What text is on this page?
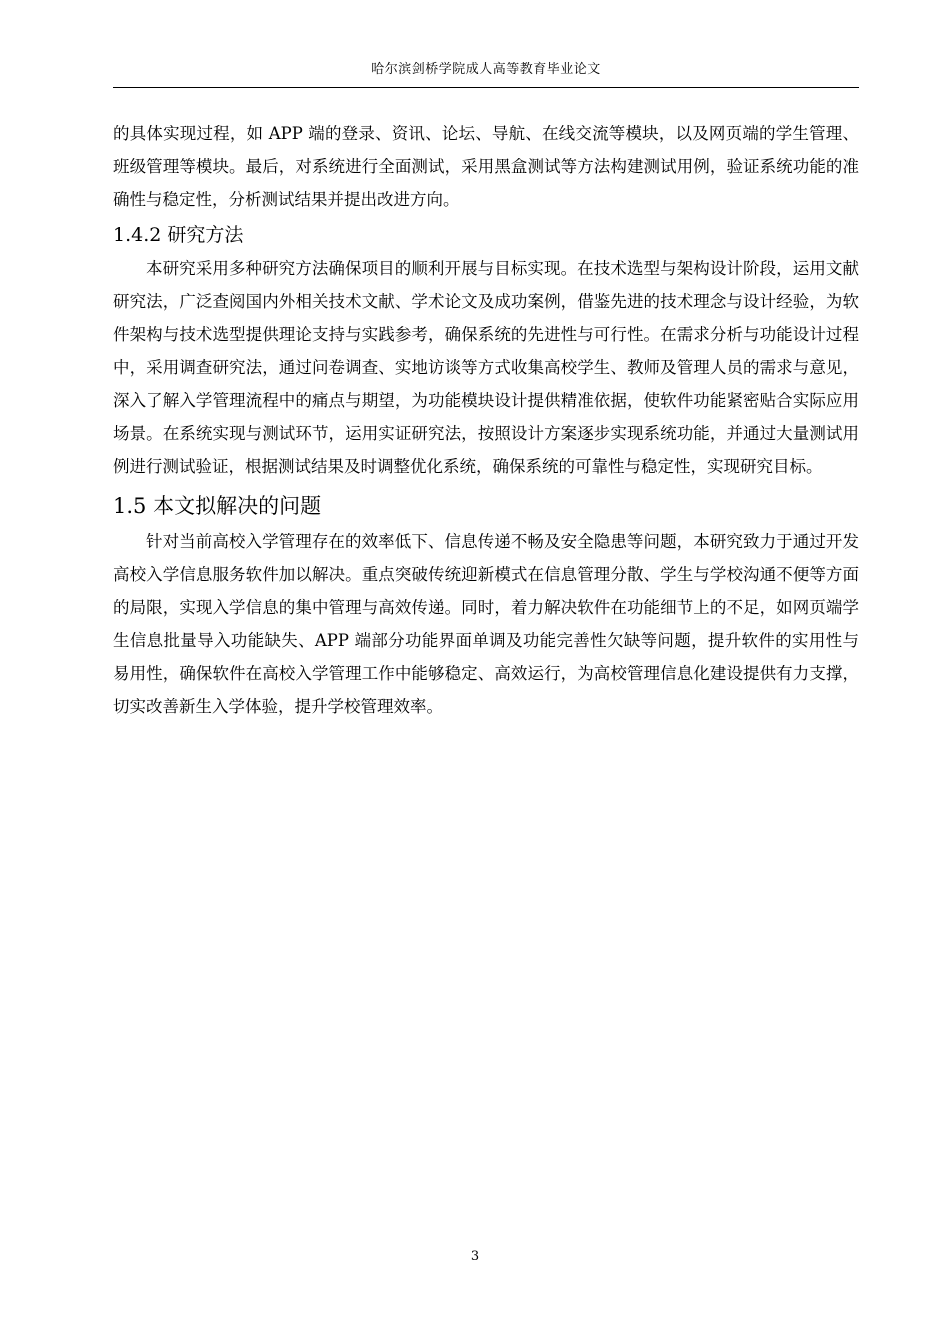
哈尔滨剑桥学院成人高等教育毕业论文

的具体实现过程，如 APP 端的登录、资讯、论坛、导航、在线交流等模块，以及网页端的学生管理、班级管理等模块。最后，对系统进行全面测试，采用黑盒测试等方法构建测试用例，验证系统功能的准确性与稳定性，分析测试结果并提出改进方向。

1.4.2 研究方法

本研究采用多种研究方法确保项目的顺利开展与目标实现。在技术选型与架构设计阶段，运用文献研究法，广泛查阅国内外相关技术文献、学术论文及成功案例，借鉴先进的技术理念与设计经验，为软件架构与技术选型提供理论支持与实践参考，确保系统的先进性与可行性。在需求分析与功能设计过程中，采用调查研究法，通过问卷调查、实地访谈等方式收集高校学生、教师及管理人员的需求与意见，深入了解入学管理流程中的痛点与期望，为功能模块设计提供精准依据，使软件功能紧密贴合实际应用场景。在系统实现与测试环节，运用实证研究法，按照设计方案逐步实现系统功能，并通过大量测试用例进行测试验证，根据测试结果及时调整优化系统，确保系统的可靠性与稳定性，实现研究目标。

1.5 本文拟解决的问题

针对当前高校入学管理存在的效率低下、信息传递不畅及安全隐患等问题，本研究致力于通过开发高校入学信息服务软件加以解决。重点突破传统迎新模式在信息管理分散、学生与学校沟通不便等方面的局限，实现入学信息的集中管理与高效传递。同时，着力解决软件在功能细节上的不足，如网页端学生信息批量导入功能缺失、APP 端部分功能界面单调及功能完善性欠缺等问题，提升软件的实用性与易用性，确保软件在高校入学管理工作中能够稳定、高效运行，为高校管理信息化建设提供有力支撑，切实改善新生入学体验，提升学校管理效率。

3
